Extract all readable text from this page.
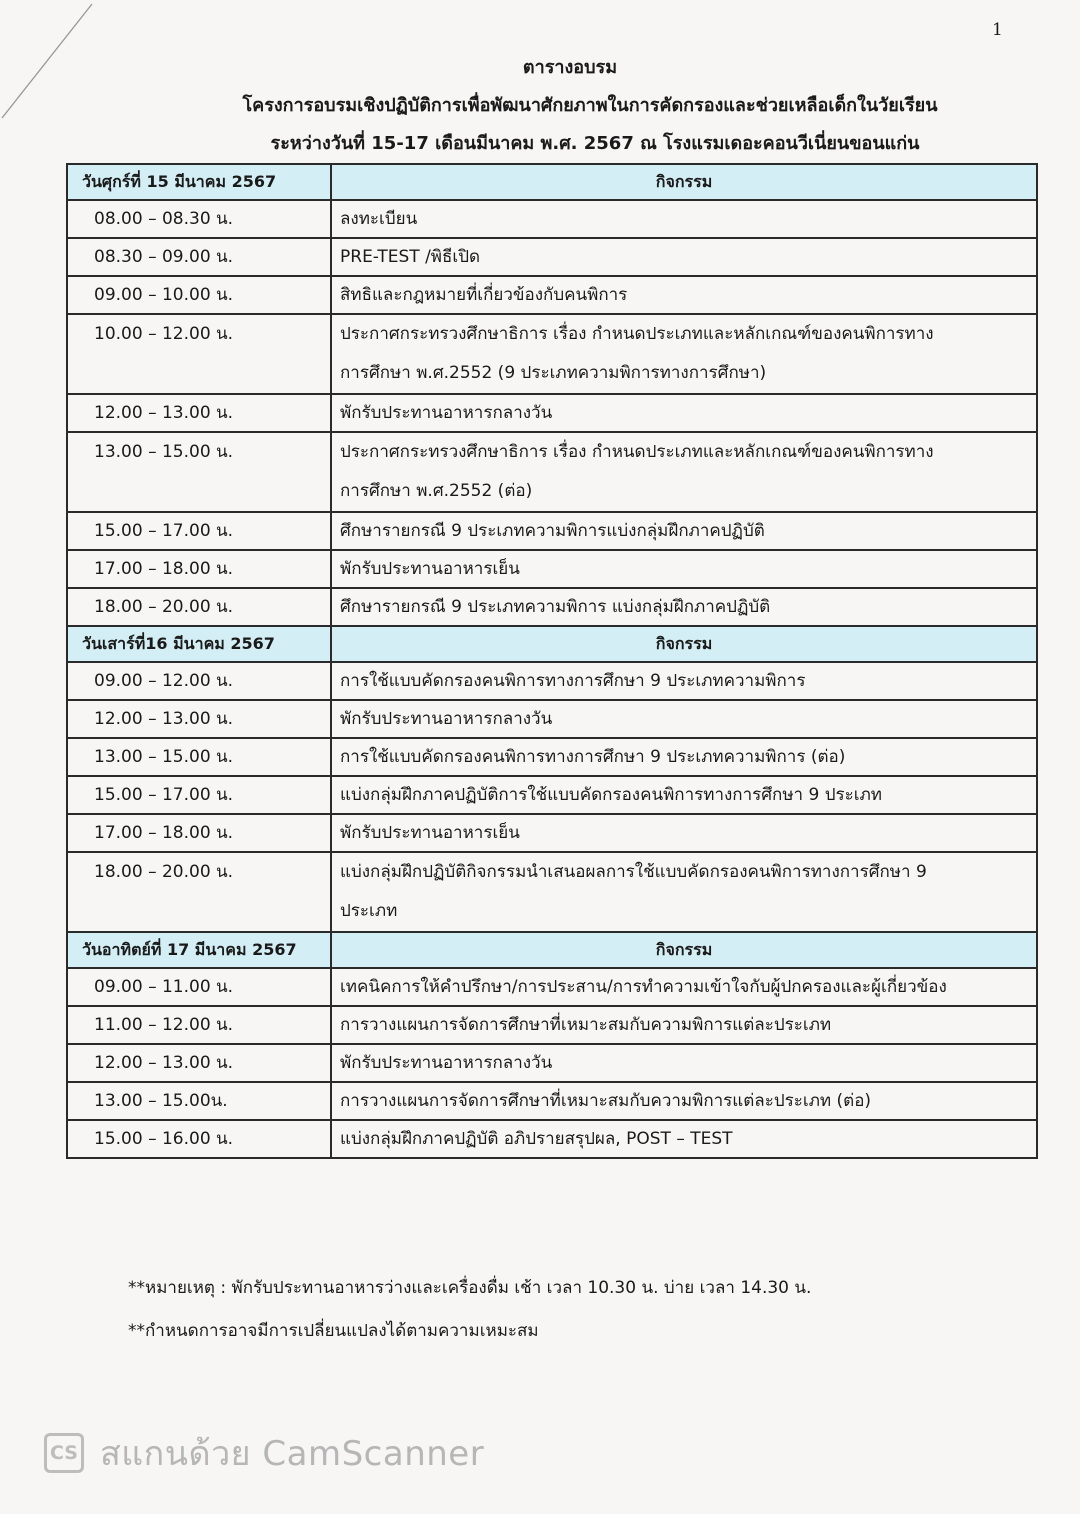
1
ตารางอบรม
โครงการอบรมเชิงปฏิบัติการเพื่อพัฒนาศักยภาพในการคัดกรองและช่วยเหลือเด็กในวัยเรียน
ระหว่างวันที่ 15-17 เดือนมีนาคม พ.ศ. 2567 ณ โรงแรมเดอะคอนวีเนี่ยนขอนแก่น
วันศุกร์ที่ 15 มีนาคม 2567	กิจกรรม
08.00 – 08.30 น.	ลงทะเบียน

08.30 – 09.00 น.	PRE-TEST /พิธีเปิด

09.00 – 10.00 น.	สิทธิและกฎหมายที่เกี่ยวข้องกับคนพิการ

10.00 – 12.00 น.	ประกาศกระทรวงศึกษาธิการ เรื่อง กำหนดประเภทและหลักเกณฑ์ของคนพิการทาง
การศึกษา พ.ศ.2552 (9 ประเภทความพิการทางการศึกษา)

12.00 – 13.00 น.	พักรับประทานอาหารกลางวัน

13.00 – 15.00 น.	ประกาศกระทรวงศึกษาธิการ เรื่อง กำหนดประเภทและหลักเกณฑ์ของคนพิการทาง
การศึกษา พ.ศ.2552 (ต่อ)

15.00 – 17.00 น.	ศึกษารายกรณี 9 ประเภทความพิการแบ่งกลุ่มฝึกภาคปฏิบัติ

17.00 – 18.00 น.	พักรับประทานอาหารเย็น

18.00 – 20.00 น.	ศึกษารายกรณี 9 ประเภทความพิการ แบ่งกลุ่มฝึกภาคปฏิบัติ

วันเสาร์ที่16 มีนาคม 2567	กิจกรรม
09.00 – 12.00 น.	การใช้แบบคัดกรองคนพิการทางการศึกษา 9 ประเภทความพิการ

12.00 – 13.00 น.	พักรับประทานอาหารกลางวัน

13.00 – 15.00 น.	การใช้แบบคัดกรองคนพิการทางการศึกษา 9 ประเภทความพิการ (ต่อ)

15.00 – 17.00 น.	แบ่งกลุ่มฝึกภาคปฏิบัติการใช้แบบคัดกรองคนพิการทางการศึกษา 9 ประเภท

17.00 – 18.00 น.	พักรับประทานอาหารเย็น

18.00 – 20.00 น.	แบ่งกลุ่มฝึกปฏิบัติกิจกรรมนำเสนอผลการใช้แบบคัดกรองคนพิการทางการศึกษา 9
ประเภท

วันอาทิตย์ที่ 17 มีนาคม 2567	กิจกรรม
09.00 – 11.00 น.	เทคนิคการให้คำปรึกษา/การประสาน/การทำความเข้าใจกับผู้ปกครองและผู้เกี่ยวข้อง

11.00 – 12.00 น.	การวางแผนการจัดการศึกษาที่เหมาะสมกับความพิการแต่ละประเภท

12.00 – 13.00 น.	พักรับประทานอาหารกลางวัน

13.00 – 15.00น.	การวางแผนการจัดการศึกษาที่เหมาะสมกับความพิการแต่ละประเภท (ต่อ)

15.00 – 16.00 น.	แบ่งกลุ่มฝึกภาคปฏิบัติ อภิปรายสรุปผล, POST – TEST
**หมายเหตุ : พักรับประทานอาหารว่างและเครื่องดื่ม เช้า เวลา 10.30 น. บ่าย เวลา 14.30 น.
**กำหนดการอาจมีการเปลี่ยนแปลงได้ตามความเหมะสม
CS สแกนด้วย CamScanner
